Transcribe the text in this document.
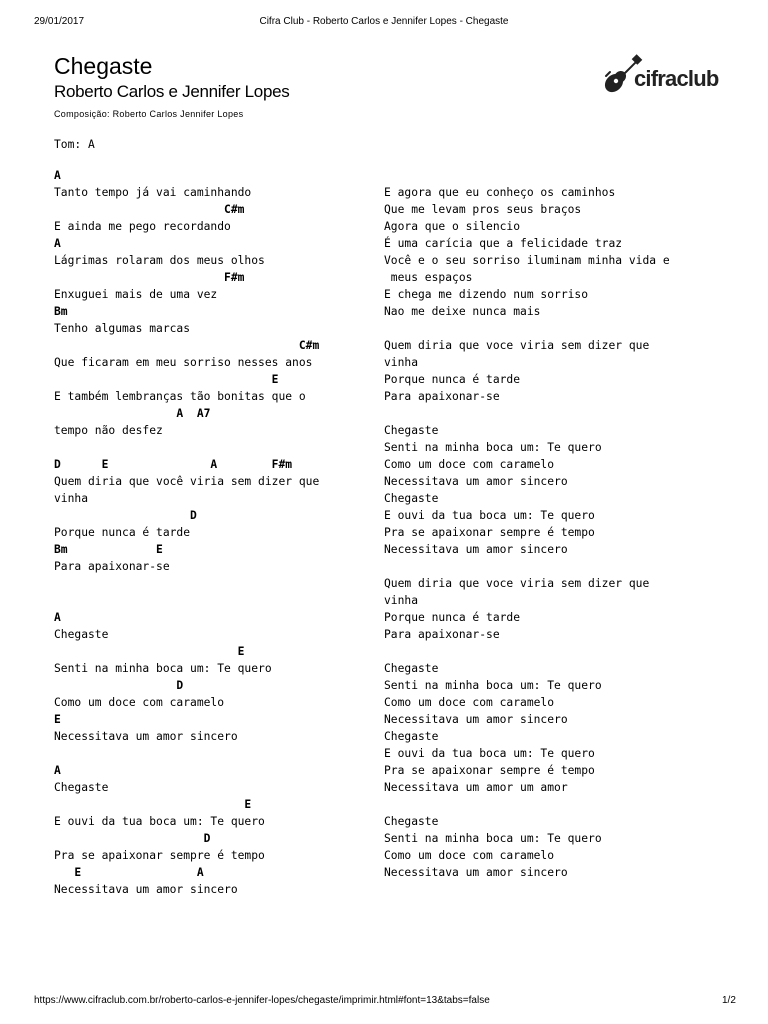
29/01/2017	Cifra Club - Roberto Carlos e Jennifer Lopes - Chegaste
Chegaste
Roberto Carlos e Jennifer Lopes
Composição: Roberto Carlos Jennifer Lopes
cifraclub
Tom: A
A
Tanto tempo já vai caminhando
C#m
E ainda me pego recordando
A
Lágrimas rolaram dos meus olhos
F#m
Enxuguei mais de uma vez
Bm
Tenho algumas marcas
C#m
Que ficaram em meu sorriso nesses anos
E
E também lembranças tão bonitas que o
A  A7
tempo não desfez
D      E               A        F#m
Quem diria que você viria sem dizer que
vinha
D
Porque nunca é tarde
Bm             E
Para apaixonar-se
A
Chegaste
E
Senti na minha boca um: Te quero
D
Como um doce com caramelo
E
Necessitava um amor sincero
A
Chegaste
E
E ouvi da tua boca um: Te quero
D
Pra se apaixonar sempre é tempo
E                 A
Necessitava um amor sincero
E agora que eu conheço os caminhos
Que me levam pros seus braços
Agora que o silencio
É uma carícia que a felicidade traz
Você e o seu sorriso iluminam minha vida e
meus espaços
E chega me dizendo num sorriso
Nao me deixe nunca mais
Quem diria que voce viria sem dizer que
vinha
Porque nunca é tarde
Para apaixonar-se
Chegaste
Senti na minha boca um: Te quero
Como um doce com caramelo
Necessitava um amor sincero
Chegaste
E ouvi da tua boca um: Te quero
Pra se apaixonar sempre é tempo
Necessitava um amor sincero
Quem diria que voce viria sem dizer que
vinha
Porque nunca é tarde
Para apaixonar-se
Chegaste
Senti na minha boca um: Te quero
Como um doce com caramelo
Necessitava um amor sincero
Chegaste
E ouvi da tua boca um: Te quero
Pra se apaixonar sempre é tempo
Necessitava um amor um amor
Chegaste
Senti na minha boca um: Te quero
Como um doce com caramelo
Necessitava um amor sincero
https://www.cifraclub.com.br/roberto-carlos-e-jennifer-lopes/chegaste/imprimir.html#font=13&tabs=false	1/2
